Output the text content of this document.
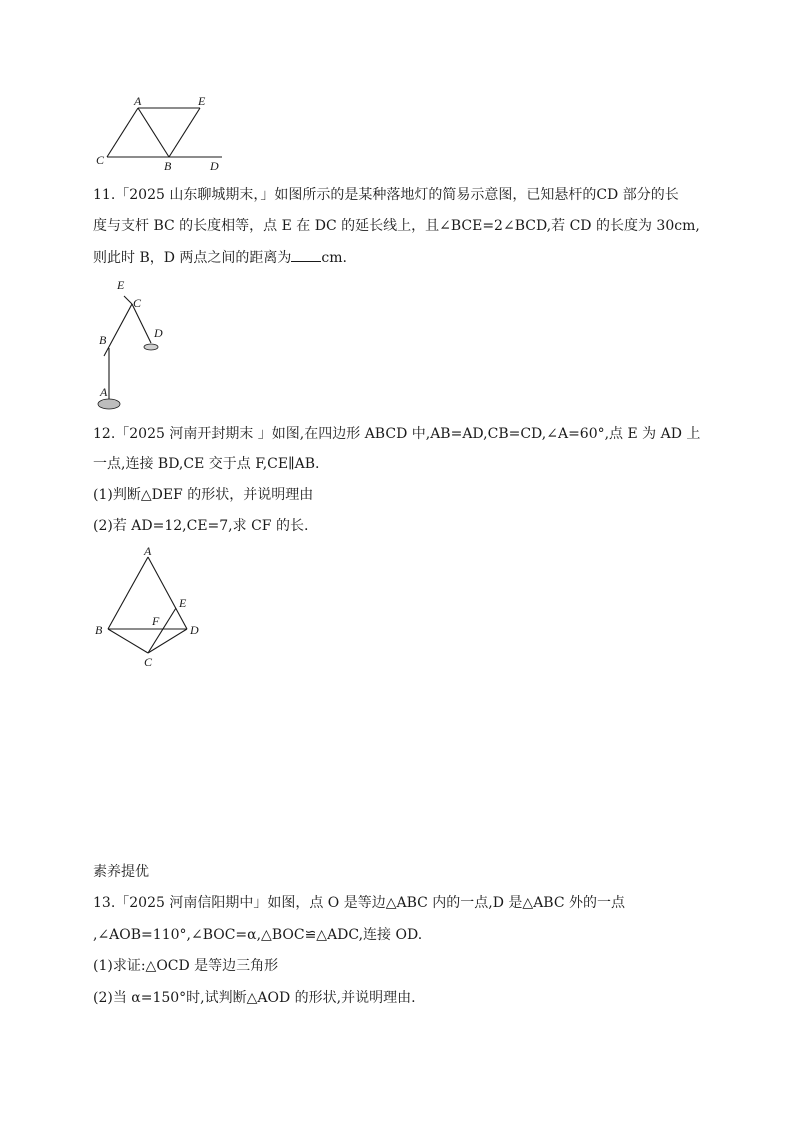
A	E
C	B	D
11.「2025 山东聊城期末，」如图所示的是某种落地灯的简易示意图，已知悬杆的CD 部分的长
度与支杆 BC 的长度相等，点 E 在 DC 的延长线上，且∠BCE=2∠BCD,若 CD 的长度为 30cm,
则此时 B，D 两点之间的距离为 cm.
E
C
D
B
A
12.「2025 河南开封期末 」如图,在四边形 ABCD 中,AB=AD,CB=CD,∠A=60°,点 E 为 AD 上
一点,连接 BD,CE 交于点 F,CE∥AB.
(1)判断△DEF 的形状，并说明理由
(2)若 AD=12,CE=7,求 CF 的长.
A
E
B
F
D
C
素养提优
13.「2025 河南信阳期中」如图，点 O 是等边△ABC 内的一点,D 是△ABC 外的一点
,∠AOB=110°,∠BOC=α,△BOC≌△ADC,连接 OD.
(1)求证:△OCD 是等边三角形
(2)当 α=150°时,试判断△AOD 的形状,并说明理由.
